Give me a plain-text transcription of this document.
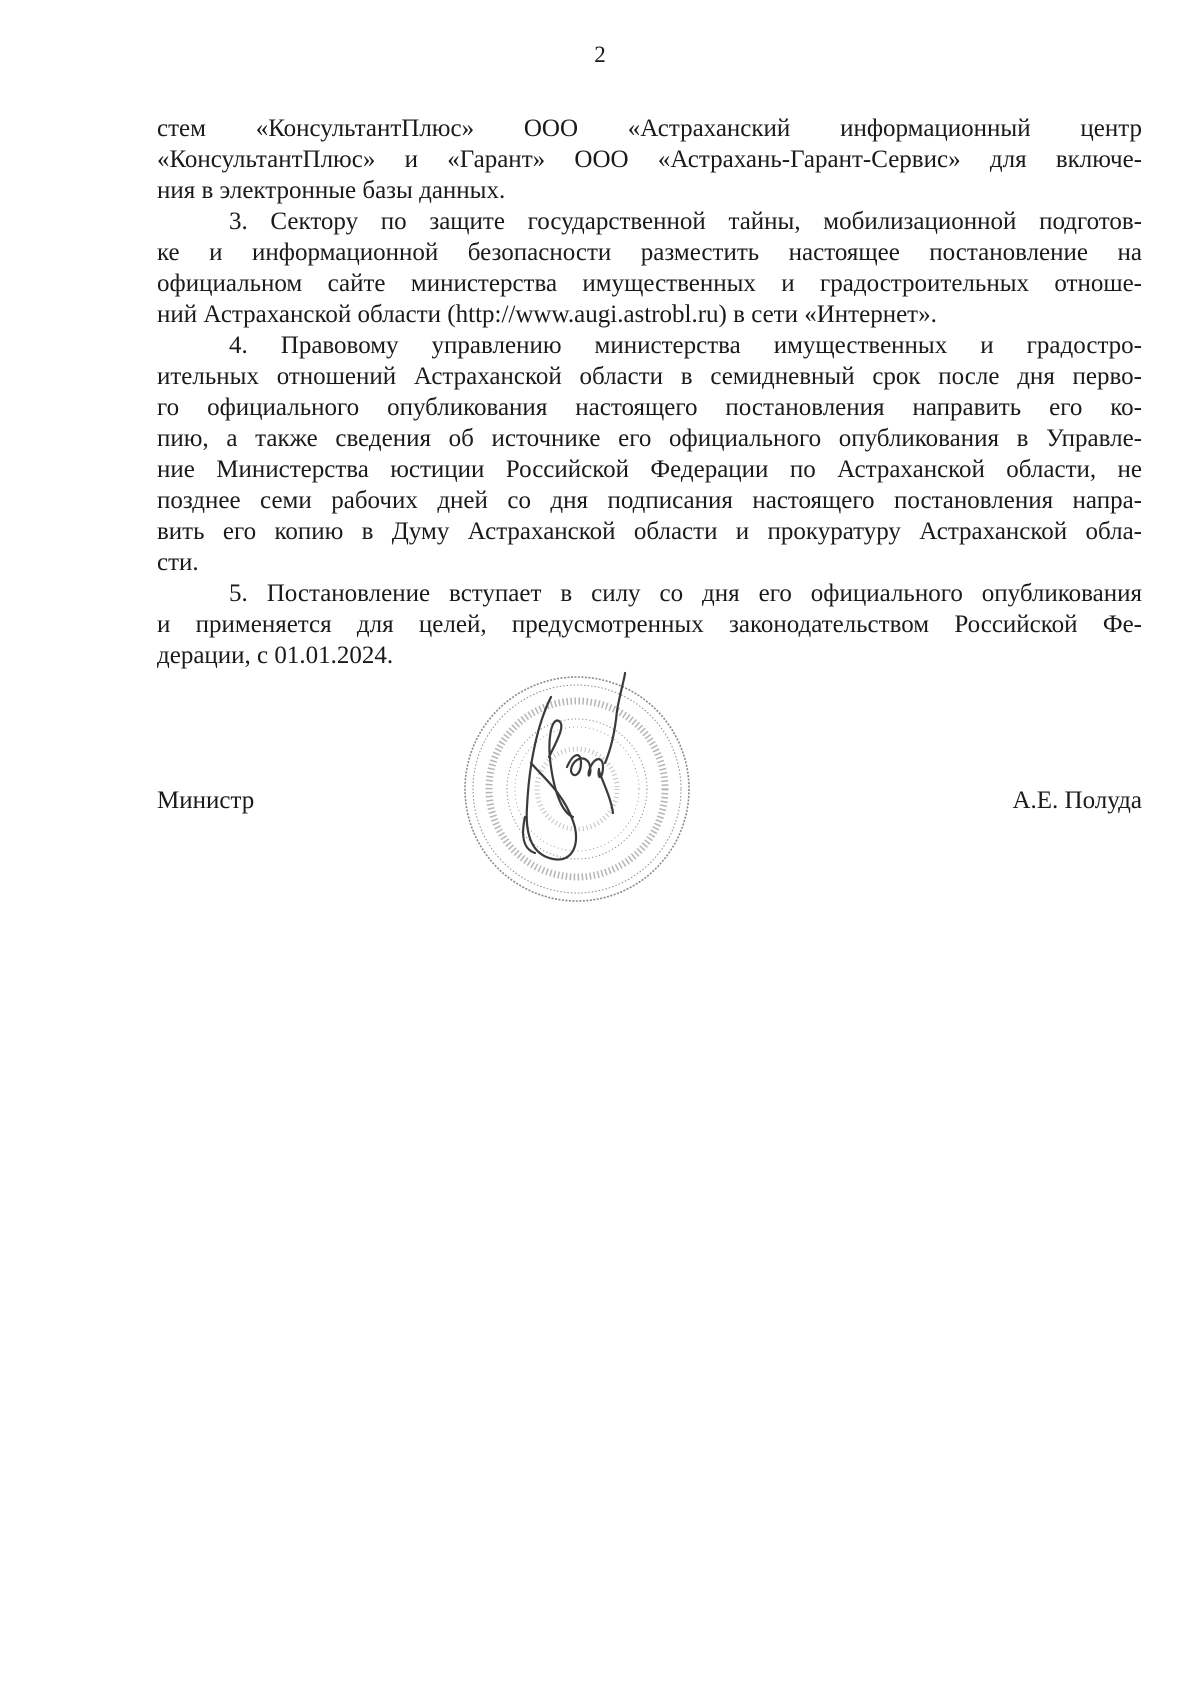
2

стем «КонсультантПлюс» ООО «Астраханский информационный центр

«КонсультантПлюс» и «Гарант» ООО «Астрахань-Гарант-Сервис» для включе-

ния в электронные базы данных.

3. Сектору по защите государственной тайны, мобилизационной подготов-

ке и информационной безопасности разместить настоящее постановление на

официальном сайте министерства имущественных и градостроительных отноше-

ний Астраханской области (http://www.augi.astrobl.ru) в сети «Интернет».

4. Правовому управлению министерства имущественных и градостро-

ительных отношений Астраханской области в семидневный срок после дня перво-

го официального опубликования настоящего постановления направить его ко-

пию, а также сведения об источнике его официального опубликования в Управле-

ние Министерства юстиции Российской Федерации по Астраханской области, не

позднее семи рабочих дней со дня подписания настоящего постановления напра-

вить его копию в Думу Астраханской области и прокуратуру Астраханской обла-

сти.

5. Постановление вступает в силу со дня его официального опубликования

и применяется для целей, предусмотренных законодательством Российской Фе-

дерации, с 01.01.2024.

Министр	А.Е. Полуда
